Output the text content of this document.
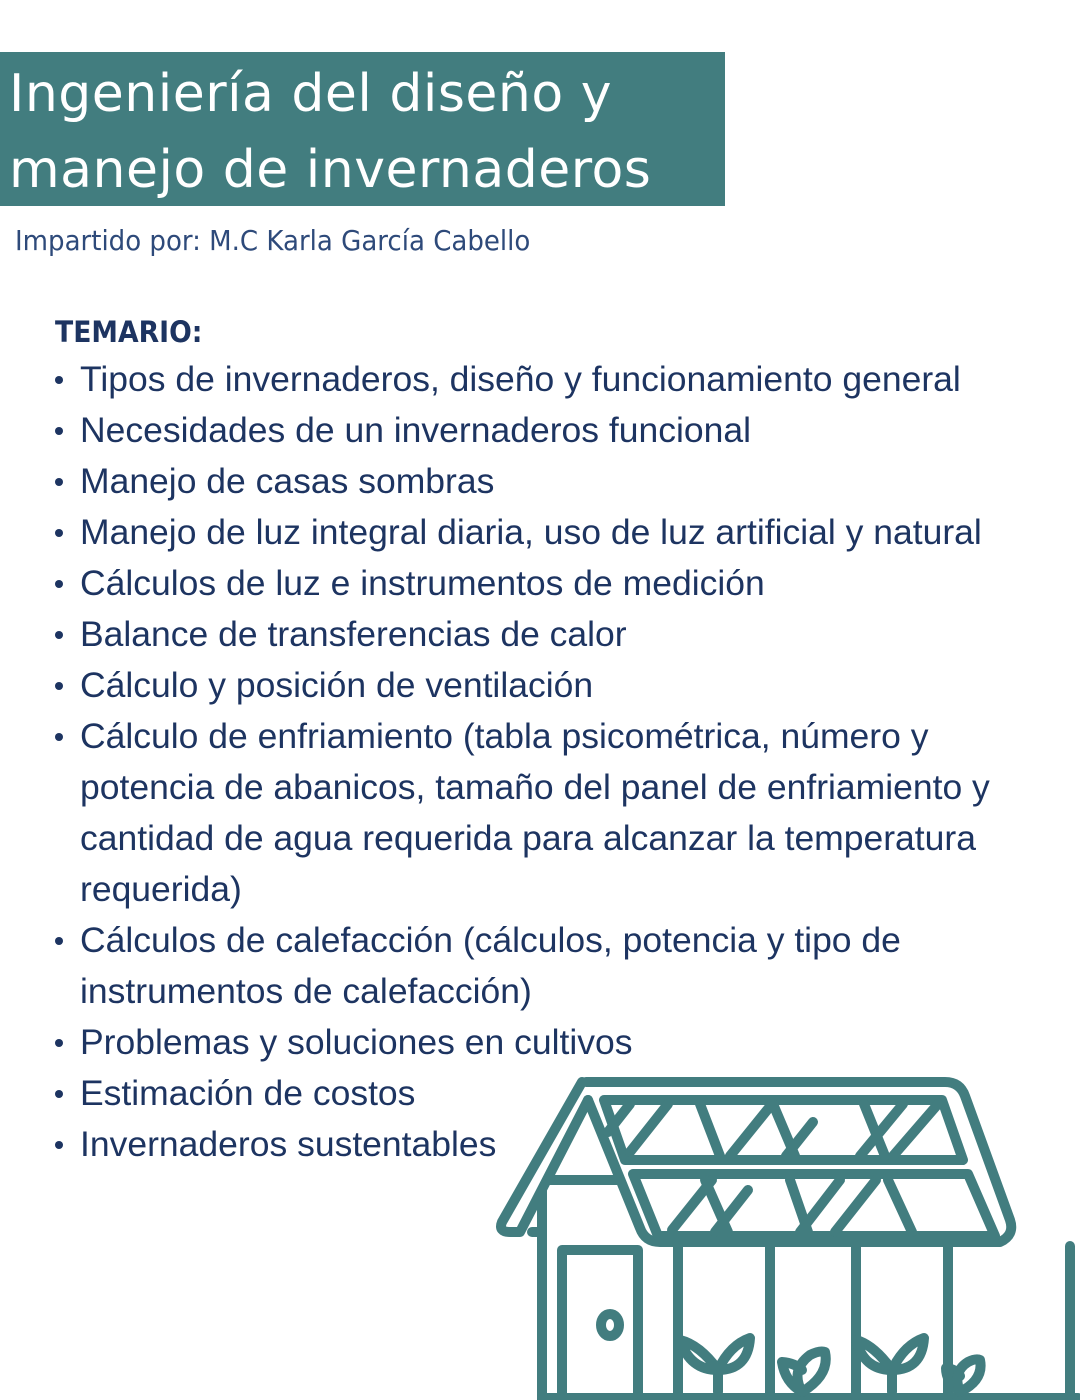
Ingeniería del diseño y
manejo de invernaderos
Impartido por: M.C Karla García Cabello
TEMARIO:
Tipos de invernaderos, diseño y funcionamiento general
Necesidades de un invernaderos funcional
Manejo de casas sombras
Manejo de luz integral diaria, uso de luz artificial y natural
Cálculos de luz e instrumentos de medición
Balance de transferencias de calor
Cálculo y posición de ventilación
Cálculo de enfriamiento (tabla psicométrica, número y potencia de abanicos, tamaño del panel de enfriamiento y cantidad de agua requerida para alcanzar la temperatura requerida)
Cálculos de calefacción (cálculos, potencia y tipo de instrumentos de calefacción)
Problemas y soluciones en cultivos
Estimación de costos
Invernaderos sustentables
